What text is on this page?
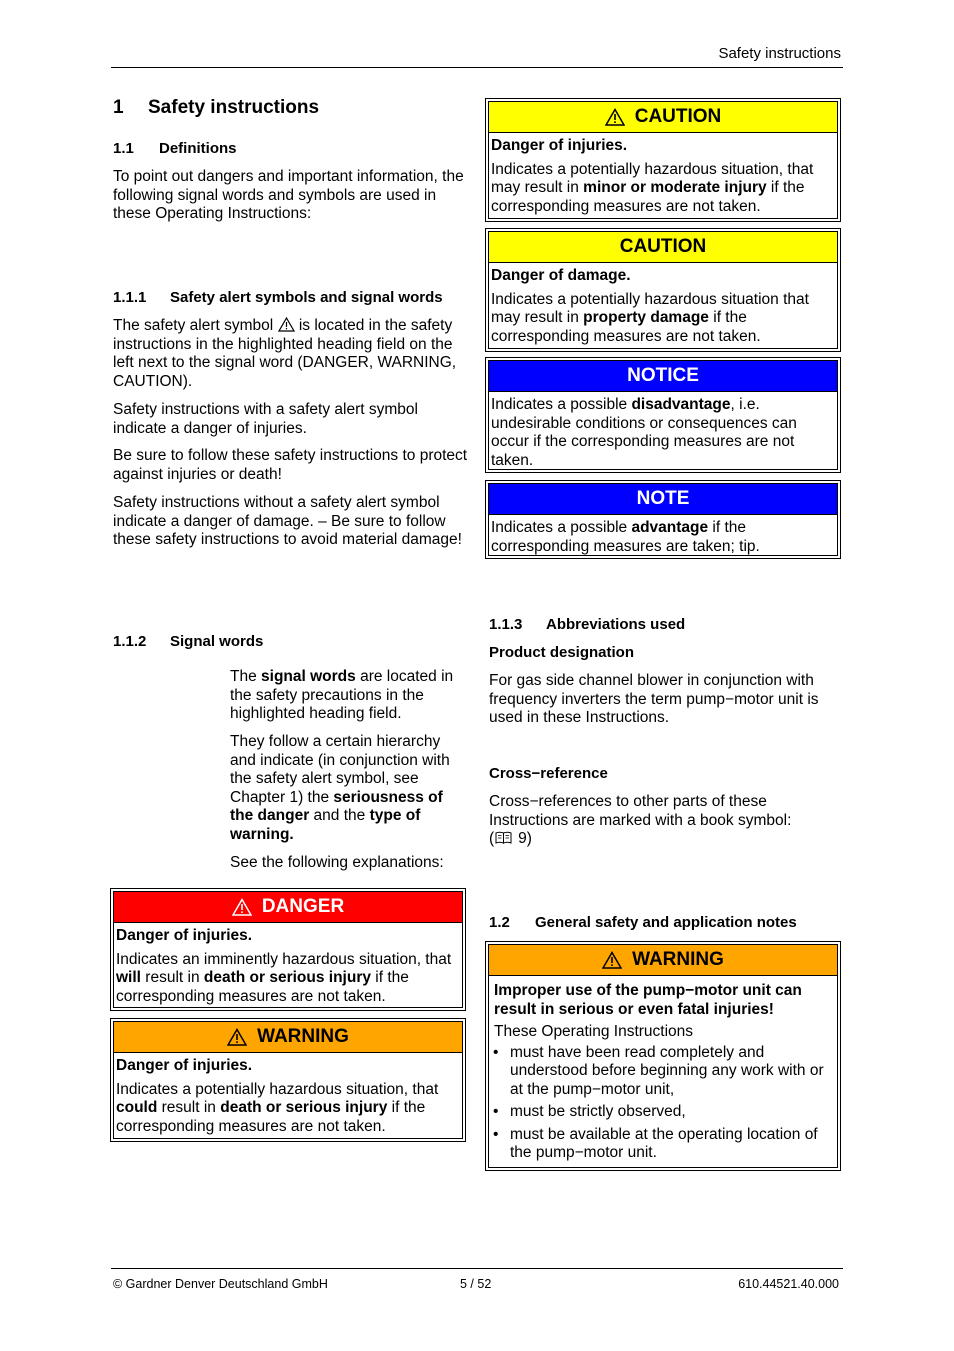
Safety instructions
1 Safety instructions
1.1 Definitions

To point out dangers and important information, the following signal words and symbols are used in these Operating Instructions:

1.1.1 Safety alert symbols and signal words

The safety alert symbol  is located in the safety instructions in the highlighted heading field on the left next to the signal word (DANGER, WARNING, CAUTION).

Safety instructions with a safety alert symbol indicate a danger of injuries.

Be sure to follow these safety instructions to protect against injuries or death!

Safety instructions without a safety alert symbol indicate a danger of damage. – Be sure to follow these safety instructions to avoid material damage!

1.1.2 Signal words

The signal words are located in the safety precautions in the highlighted heading field.

They follow a certain hierarchy and indicate (in conjunction with the safety alert symbol, see Chapter 1) the seriousness of the danger and the type of warning.

See the following explanations:

DANGER
Danger of injuries.
Indicates an imminently hazardous situation, that will result in death or serious injury if the corresponding measures are not taken.
WARNING
Danger of injuries.
Indicates a potentially hazardous situation, that could result in death or serious injury if the corresponding measures are not taken.
CAUTION
Danger of injuries.
Indicates a potentially hazardous situation, that may result in minor or moderate injury if the corresponding measures are not taken.
CAUTION
Danger of damage.
Indicates a potentially hazardous situation that may result in property damage if the corresponding measures are not taken.
NOTICE
Indicates a possible disadvantage, i.e. undesirable conditions or consequences can occur if the corresponding measures are not taken.
NOTE
Indicates a possible advantage if the corresponding measures are taken; tip.
1.1.3 Abbreviations used
Product designation

For gas side channel blower in conjunction with frequency inverters the term pump−motor unit is used in these Instructions.

Cross−reference

Cross−references to other parts of these Instructions are marked with a book symbol:
( 9)

1.2 General safety and application notes
WARNING
Improper use of the pump−motor unit can result in serious or even fatal injuries!
These Operating Instructions
• must have been read completely and understood before beginning any work with or at the pump−motor unit,
• must be strictly observed,
• must be available at the operating location of the pump−motor unit.
© Gardner Denver Deutschland GmbH	5 / 52	610.44521.40.000
